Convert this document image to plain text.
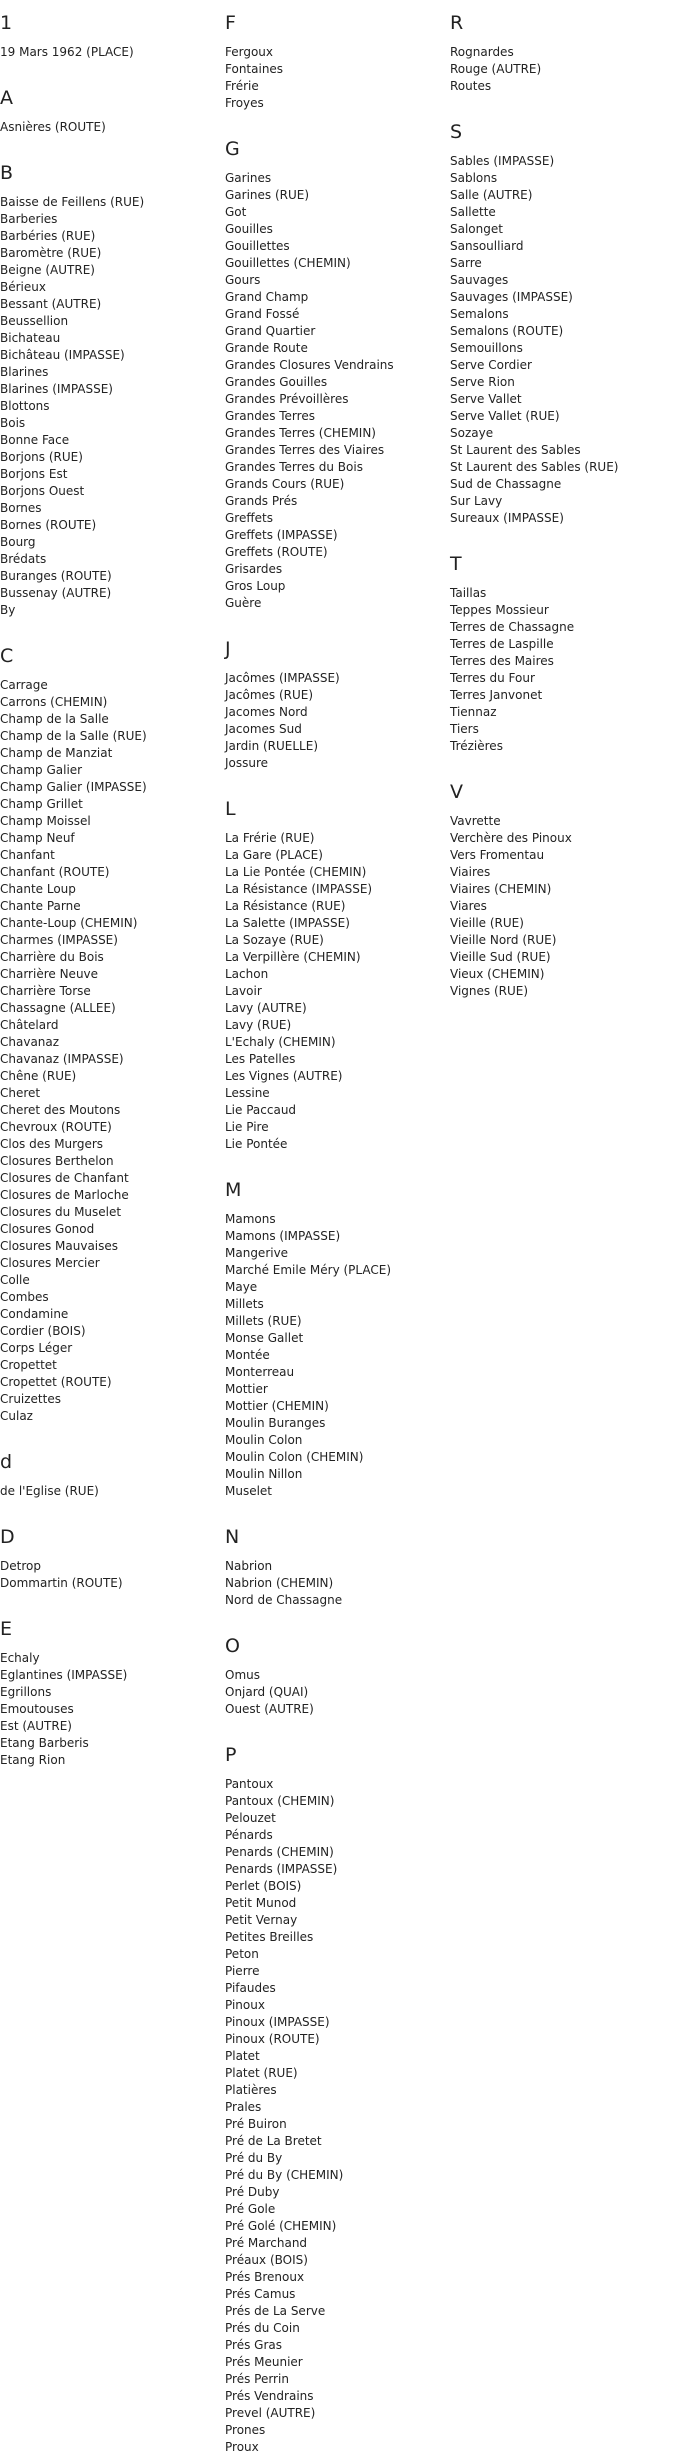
1
19 Mars 1962 (PLACE)
A
Asnières (ROUTE)
B
Baisse de Feillens (RUE)
Barberies
Barbéries (RUE)
Baromètre (RUE)
Beigne (AUTRE)
Bérieux
Bessant (AUTRE)
Beussellion
Bichateau
Bichâteau (IMPASSE)
Blarines
Blarines (IMPASSE)
Blottons
Bois
Bonne Face
Borjons (RUE)
Borjons Est
Borjons Ouest
Bornes
Bornes (ROUTE)
Bourg
Brédats
Buranges (ROUTE)
Bussenay (AUTRE)
By
C
Carrage
Carrons (CHEMIN)
Champ de la Salle
Champ de la Salle (RUE)
Champ de Manziat
Champ Galier
Champ Galier (IMPASSE)
Champ Grillet
Champ Moissel
Champ Neuf
Chanfant
Chanfant (ROUTE)
Chante Loup
Chante Parne
Chante-Loup (CHEMIN)
Charmes (IMPASSE)
Charrière du Bois
Charrière Neuve
Charrière Torse
Chassagne (ALLEE)
Châtelard
Chavanaz
Chavanaz (IMPASSE)
Chêne (RUE)
Cheret
Cheret des Moutons
Chevroux (ROUTE)
Clos des Murgers
Closures Berthelon
Closures de Chanfant
Closures de Marloche
Closures du Muselet
Closures Gonod
Closures Mauvaises
Closures Mercier
Colle
Combes
Condamine
Cordier (BOIS)
Corps Léger
Cropettet
Cropettet (ROUTE)
Cruizettes
Culaz
d
de l'Eglise (RUE)
D
Detrop
Dommartin (ROUTE)
E
Echaly
Eglantines (IMPASSE)
Egrillons
Emoutouses
Est (AUTRE)
Etang Barberis
Etang Rion
F
Fergoux
Fontaines
Frérie
Froyes
G
Garines
Garines (RUE)
Got
Gouilles
Gouillettes
Gouillettes (CHEMIN)
Gours
Grand Champ
Grand Fossé
Grand Quartier
Grande Route
Grandes Closures Vendrains
Grandes Gouilles
Grandes Prévoillères
Grandes Terres
Grandes Terres (CHEMIN)
Grandes Terres des Viaires
Grandes Terres du Bois
Grands Cours (RUE)
Grands Prés
Greffets
Greffets (IMPASSE)
Greffets (ROUTE)
Grisardes
Gros Loup
Guère
J
Jacômes (IMPASSE)
Jacômes (RUE)
Jacomes Nord
Jacomes Sud
Jardin (RUELLE)
Jossure
L
La Frérie (RUE)
La Gare (PLACE)
La Lie Pontée (CHEMIN)
La Résistance (IMPASSE)
La Résistance (RUE)
La Salette (IMPASSE)
La Sozaye (RUE)
La Verpillère (CHEMIN)
Lachon
Lavoir
Lavy (AUTRE)
Lavy (RUE)
L'Echaly (CHEMIN)
Les Patelles
Les Vignes (AUTRE)
Lessine
Lie Paccaud
Lie Pire
Lie Pontée
M
Mamons
Mamons (IMPASSE)
Mangerive
Marché Emile Méry (PLACE)
Maye
Millets
Millets (RUE)
Monse Gallet
Montée
Monterreau
Mottier
Mottier (CHEMIN)
Moulin Buranges
Moulin Colon
Moulin Colon (CHEMIN)
Moulin Nillon
Muselet
N
Nabrion
Nabrion (CHEMIN)
Nord de Chassagne
O
Omus
Onjard (QUAI)
Ouest (AUTRE)
P
Pantoux
Pantoux (CHEMIN)
Pelouzet
Pénards
Penards (CHEMIN)
Penards (IMPASSE)
Perlet (BOIS)
Petit Munod
Petit Vernay
Petites Breilles
Peton
Pierre
Pifaudes
Pinoux
Pinoux (IMPASSE)
Pinoux (ROUTE)
Platet
Platet (RUE)
Platières
Prales
Pré Buiron
Pré de La Bretet
Pré du By
Pré du By (CHEMIN)
Pré Duby
Pré Gole
Pré Golé (CHEMIN)
Pré Marchand
Préaux (BOIS)
Prés Brenoux
Prés Camus
Prés de La Serve
Prés du Coin
Prés Gras
Prés Meunier
Prés Perrin
Prés Vendrains
Prevel (AUTRE)
Prones
Proux
R
Rognardes
Rouge (AUTRE)
Routes
S
Sables (IMPASSE)
Sablons
Salle (AUTRE)
Sallette
Salonget
Sansoulliard
Sarre
Sauvages
Sauvages (IMPASSE)
Semalons
Semalons (ROUTE)
Semouillons
Serve Cordier
Serve Rion
Serve Vallet
Serve Vallet (RUE)
Sozaye
St Laurent des Sables
St Laurent des Sables (RUE)
Sud de Chassagne
Sur Lavy
Sureaux (IMPASSE)
T
Taillas
Teppes Mossieur
Terres de Chassagne
Terres de Laspille
Terres des Maires
Terres du Four
Terres Janvonet
Tiennaz
Tiers
Trézières
V
Vavrette
Verchère des Pinoux
Vers Fromentau
Viaires
Viaires (CHEMIN)
Viares
Vieille (RUE)
Vieille Nord (RUE)
Vieille Sud (RUE)
Vieux (CHEMIN)
Vignes (RUE)
